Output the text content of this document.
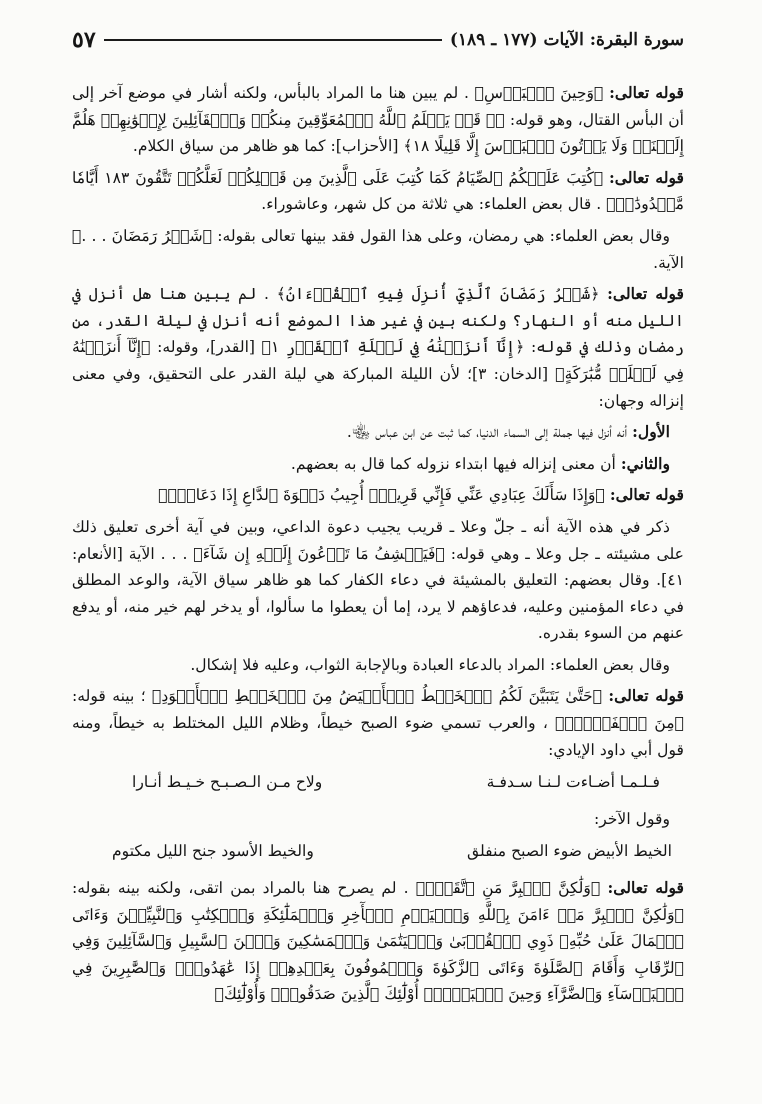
سورة البقرة: الآيات (١٧٧ ـ ١٨٩)
٥٧

قوله تعالى: ﴿ وَحِينَ ٱلۡبَأۡسِ ﴾ . لم يبين هنا ما المراد بالبأس، ولكنه أشار في موضع آخر إلى أن البأس القتال، وهو قوله: ﴿ ۞ قَدۡ يَعۡلَمُ ٱللَّهُ ٱلۡمُعَوِّقِينَ مِنكُمۡ وَٱلۡقَآئِلِينَ لِإِخۡوَٰنِهِمۡ هَلُمَّ إِلَيۡنَاۖ وَلَا يَأۡتُونَ ٱلۡبَأۡسَ إِلَّا قَلِيلًا ١٨ ﴾ [الأحزاب]: كما هو ظاهر من سياق الكلام.

قوله تعالى: ﴿ كُتِبَ عَلَيۡكُمُ ٱلصِّيَامُ كَمَا كُتِبَ عَلَى ٱلَّذِينَ مِن قَبۡلِكُمۡ لَعَلَّكُمۡ تَتَّقُونَ ١٨٣ أَيَّامٗا مَّعۡدُودَٰتٖ ﴾ . قال بعض العلماء: هي ثلاثة من كل شهر، وعاشوراء.

وقال بعض العلماء: هي رمضان، وعلى هذا القول فقد بينها تعالى بقوله: ﴿ شَهۡرُ رَمَضَانَ . . . ﴾ الآية.

قوله تعالى: ﴿ شَهۡرُ رَمَضَانَ ٱلَّذِيٓ أُنزِلَ فِيهِ ٱلۡقُرۡءَانُ ﴾ . لم يبين هنا هل أنزل في الليل منه أو النهار؟ ولكنه بين في غير هذا الموضع أنه أنزل في ليلة القدر، من رمضان وذلك في قوله: ﴿ إِنَّآ أَنزَلۡنَٰهُ فِي لَيۡلَةِ ٱلۡقَدۡرِ ١ ﴾ [القدر]، وقوله: ﴿ إِنَّآ أَنزَلۡنَٰهُ فِي لَيۡلَةٖ مُّبَٰرَكَةٍ ﴾ [الدخان: ٣]؛ لأن الليلة المباركة هي ليلة القدر على التحقيق، وفي معنى إنزاله وجهان:

الأول: أنه أنزل فيها جملة إلى السماء الدنيا، كما ثبت عن ابن عباس ﵄.

والثاني: أن معنى إنزاله فيها ابتداء نزوله كما قال به بعضهم.

قوله تعالى: ﴿ وَإِذَا سَأَلَكَ عِبَادِي عَنِّي فَإِنِّي قَرِيبٌۖ أُجِيبُ دَعۡوَةَ ٱلدَّاعِ إِذَا دَعَانِۖ ﴾

ذكر في هذه الآية أنه ـ جلّ وعلا ـ قريب يجيب دعوة الداعي، وبين في آية أخرى تعليق ذلك على مشيئته ـ جل وعلا ـ وهي قوله: ﴿ فَيَكۡشِفُ مَا تَدۡعُونَ إِلَيۡهِ إِن شَآءَ ﴾ . . . الآية [الأنعام: ٤١]. وقال بعضهم: التعليق بالمشيئة في دعاء الكفار كما هو ظاهر سياق الآية، والوعد المطلق في دعاء المؤمنين وعليه، فدعاؤهم لا يرد، إما أن يعطوا ما سألوا، أو يدخر لهم خير منه، أو يدفع عنهم من السوء بقدره.

وقال بعض العلماء: المراد بالدعاء العبادة وبالإجابة الثواب، وعليه فلا إشكال.

قوله تعالى: ﴿ حَتَّىٰ يَتَبَيَّنَ لَكُمُ ٱلۡخَيۡطُ ٱلۡأَبۡيَضُ مِنَ ٱلۡخَيۡطِ ٱلۡأَسۡوَدِ ﴾ ؛ بينه قوله: ﴿ مِنَ ٱلۡفَجۡرِۖ ﴾ ، والعرب تسمي ضوء الصبح خيطاً، وظلام الليل المختلط به خيطاً، ومنه قول أبي داود الإيادي:

فـلـمـا أضـاءت لـنـا سـدفـة
ولاح مـن الـصـبـح خـيـط أنـارا

وقول الآخر:

الخيط الأبيض ضوء الصبح منفلق
والخيط الأسود جنح الليل مكتوم

قوله تعالى: ﴿ وَلَٰكِنَّ ٱلۡبِرَّ مَنِ ٱتَّقَىٰۗ ﴾ . لم يصرح هنا بالمراد بمن اتقى، ولكنه بينه بقوله: ﴿ وَلَٰكِنَّ ٱلۡبِرَّ مَنۡ ءَامَنَ بِٱللَّهِ وَٱلۡيَوۡمِ ٱلۡأٓخِرِ وَٱلۡمَلَٰٓئِكَةِ وَٱلۡكِتَٰبِ وَٱلنَّبِيِّـۧنَ وَءَاتَى ٱلۡمَالَ عَلَىٰ حُبِّهِۦ ذَوِي ٱلۡقُرۡبَىٰ وَٱلۡيَتَٰمَىٰ وَٱلۡمَسَٰكِينَ وَٱبۡنَ ٱلسَّبِيلِ وَٱلسَّآئِلِينَ وَفِي ٱلرِّقَابِ وَأَقَامَ ٱلصَّلَوٰةَ وَءَاتَى ٱلزَّكَوٰةَ وَٱلۡمُوفُونَ بِعَهۡدِهِمۡ إِذَا عَٰهَدُواْۖ وَٱلصَّٰبِرِينَ فِي ٱلۡبَأۡسَآءِ وَٱلضَّرَّآءِ وَحِينَ ٱلۡبَأۡسِۗ أُوْلَٰٓئِكَ ٱلَّذِينَ صَدَقُواْۖ وَأُوْلَٰٓئِكَ ﴾
